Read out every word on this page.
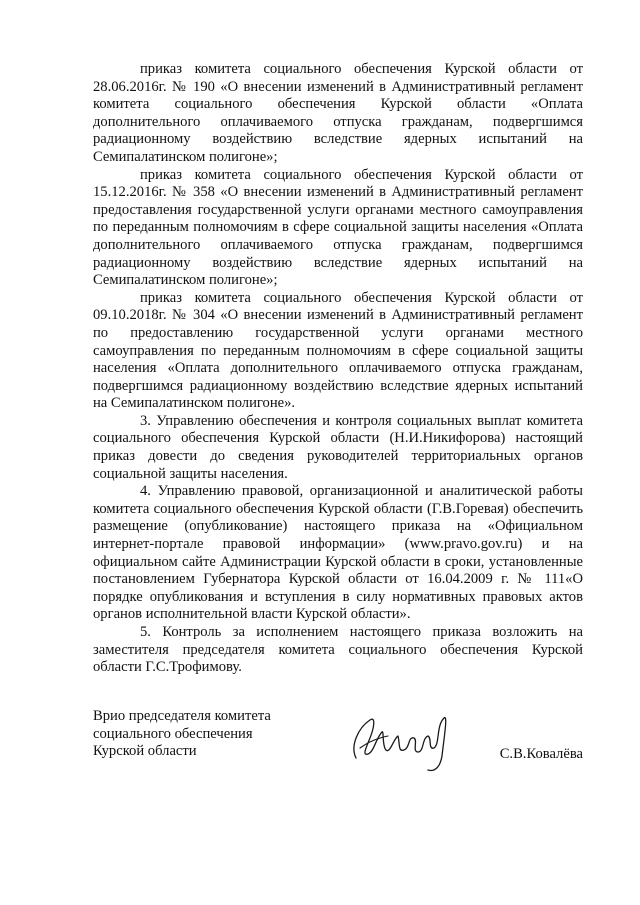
приказ комитета социального обеспечения Курской области от 28.06.2016г. № 190 «О внесении изменений в Административный регламент комитета социального обеспечения Курской области «Оплата дополнительного оплачиваемого отпуска гражданам, подвергшимся радиационному воздействию вследствие ядерных испытаний на Семипалатинском полигоне»;

приказ комитета социального обеспечения Курской области от 15.12.2016г. № 358 «О внесении изменений в Административный регламент предоставления государственной услуги органами местного самоуправления по переданным полномочиям в сфере социальной защиты населения «Оплата дополнительного оплачиваемого отпуска гражданам, подвергшимся радиационному воздействию вследствие ядерных испытаний на Семипалатинском полигоне»;

приказ комитета социального обеспечения Курской области от 09.10.2018г. № 304 «О внесении изменений в Административный регламент по предоставлению государственной услуги органами местного самоуправления по переданным полномочиям в сфере социальной защиты населения «Оплата дополнительного оплачиваемого отпуска гражданам, подвергшимся радиационному воздействию вследствие ядерных испытаний на Семипалатинском полигоне».

3. Управлению обеспечения и контроля социальных выплат комитета социального обеспечения Курской области (Н.И.Никифорова) настоящий приказ довести до сведения руководителей территориальных органов социальной защиты населения.

4. Управлению правовой, организационной и аналитической работы комитета социального обеспечения Курской области (Г.В.Горевая) обеспечить размещение (опубликование) настоящего приказа на «Официальном интернет-портале правовой информации» (www.pravo.gov.ru) и на официальном сайте Администрации Курской области в сроки, установленные постановлением Губернатора Курской области от 16.04.2009 г. № 111«О порядке опубликования и вступления в силу нормативных правовых актов органов исполнительной власти Курской области».

5. Контроль за исполнением настоящего приказа возложить на заместителя председателя комитета социального обеспечения Курской области Г.С.Трофимову.

Врио председателя комитета
социального обеспечения
Курской области	С.В.Ковалёва
